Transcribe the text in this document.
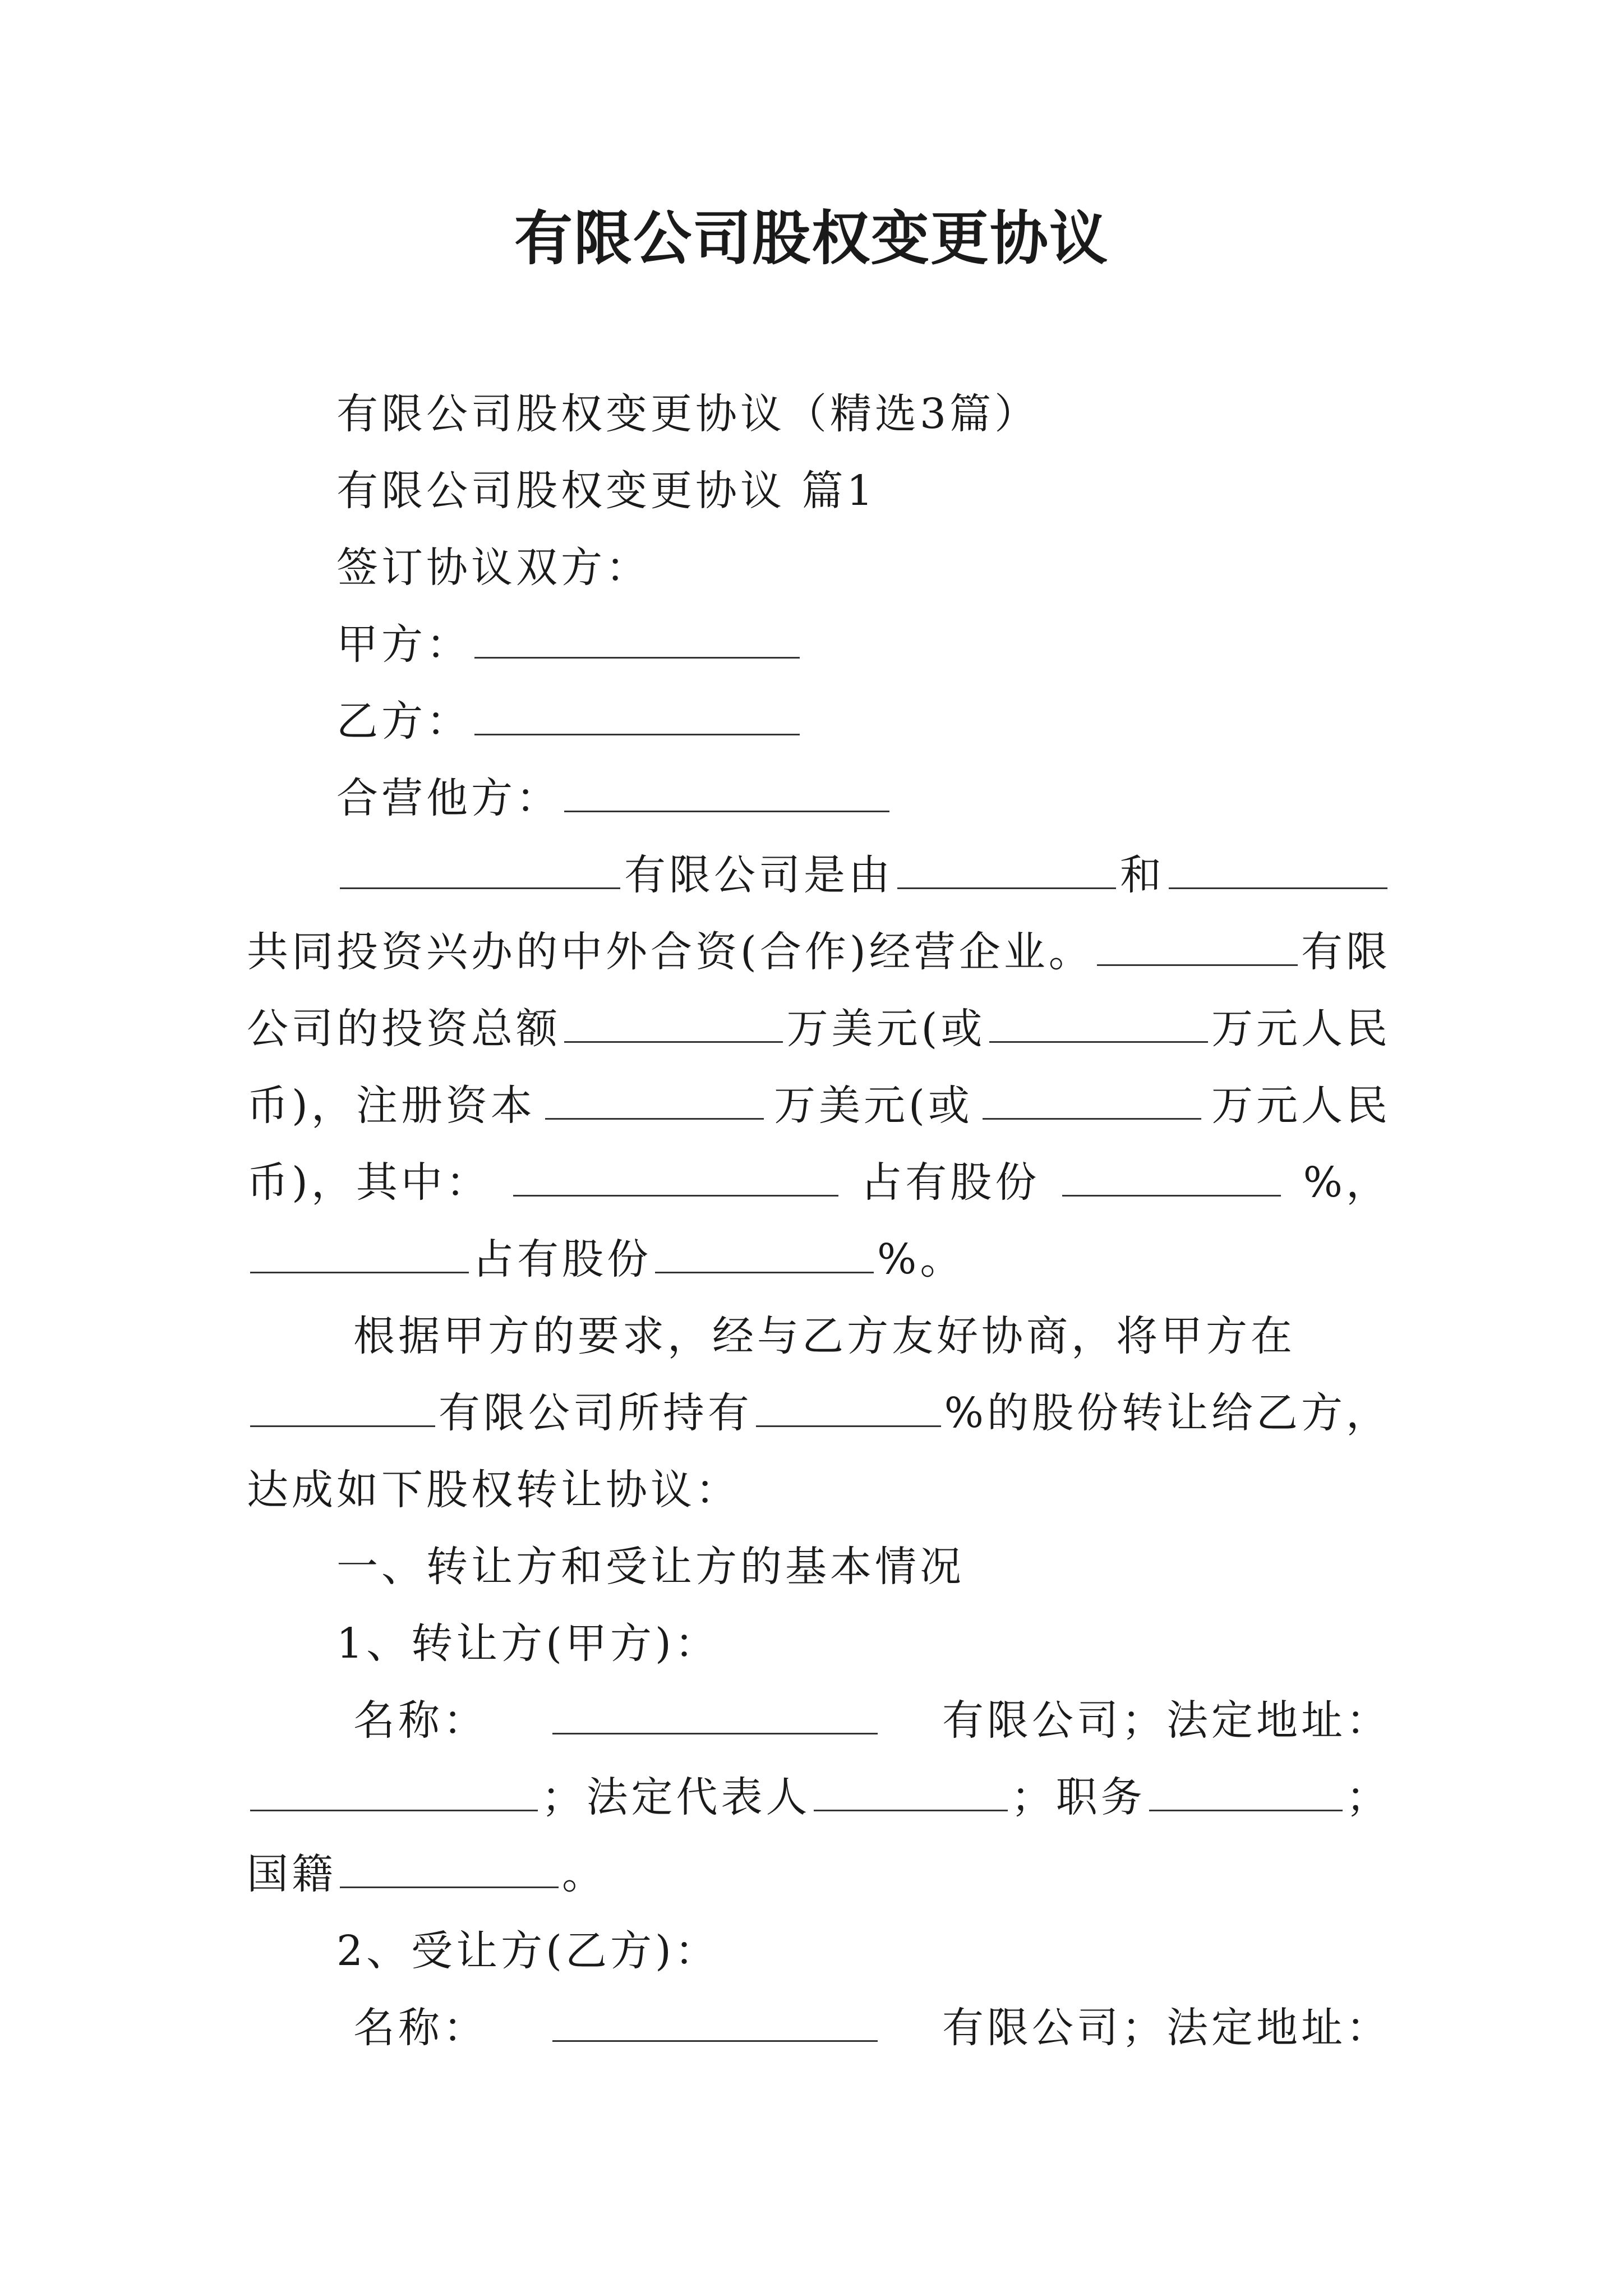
有限公司股权变更协议
有限公司股权变更协议（精选3篇）
有限公司股权变更协议 篇1
签订协议双方：
甲方：
乙方：
合营他方：
有限公司是由	和
共同投资兴办的中外合资(合作)经营企业。	有限
公司的投资总额	万美元(或	万元人民
币)，注册资本	万美元(或	万元人民
币)，其中：	占有股份	%，
占有股份	%。
根据甲方的要求，经与乙方友好协商，将甲方在
有限公司所持有	%的股份转让给乙方，
达成如下股权转让协议：
一、转让方和受让方的基本情况
1、转让方(甲方)：
名称：	有限公司；法定地址：
；法定代表人	；职务	；
国籍	。
2、受让方(乙方)：
名称：	有限公司；法定地址：
